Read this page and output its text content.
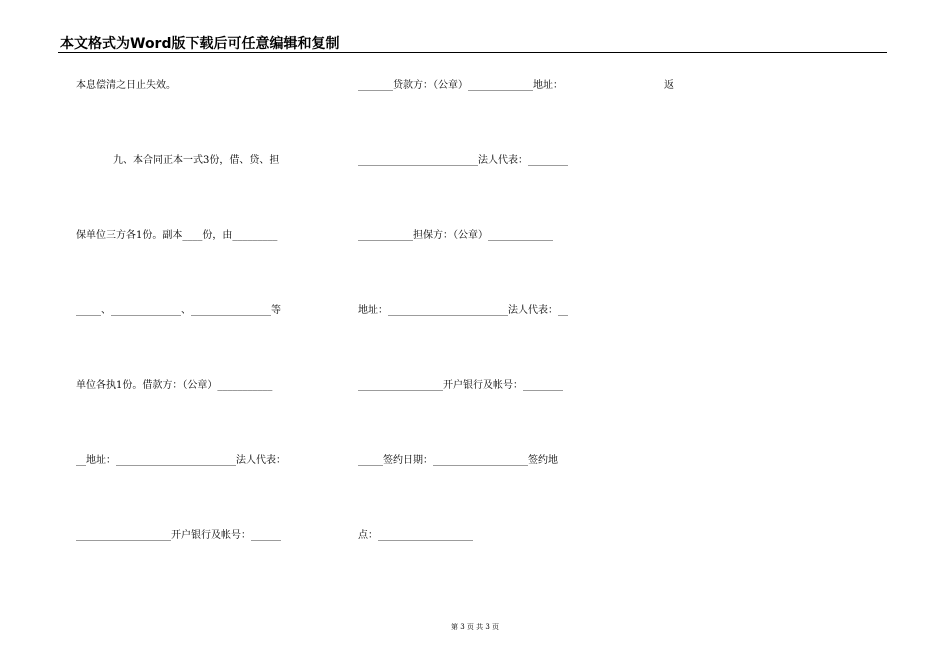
本文格式为Word版下载后可任意编辑和复制
本息偿清之日止失效。
九、本合同正本一式3份，借、贷、担
保单位三方各1份。副本____份，由_________
_____、______________、________________等
单位各执1份。借款方：（公章）___________
__地址：________________________法人代表：
___________________开户银行及帐号：______
_______贷款方：（公章）_____________地址：
________________________法人代表：________
___________担保方：（公章）_____________
地址：________________________法人代表：__
_________________开户银行及帐号：________
_____签约日期：___________________签约地
点：___________________
返
第 3 页 共 3 页
